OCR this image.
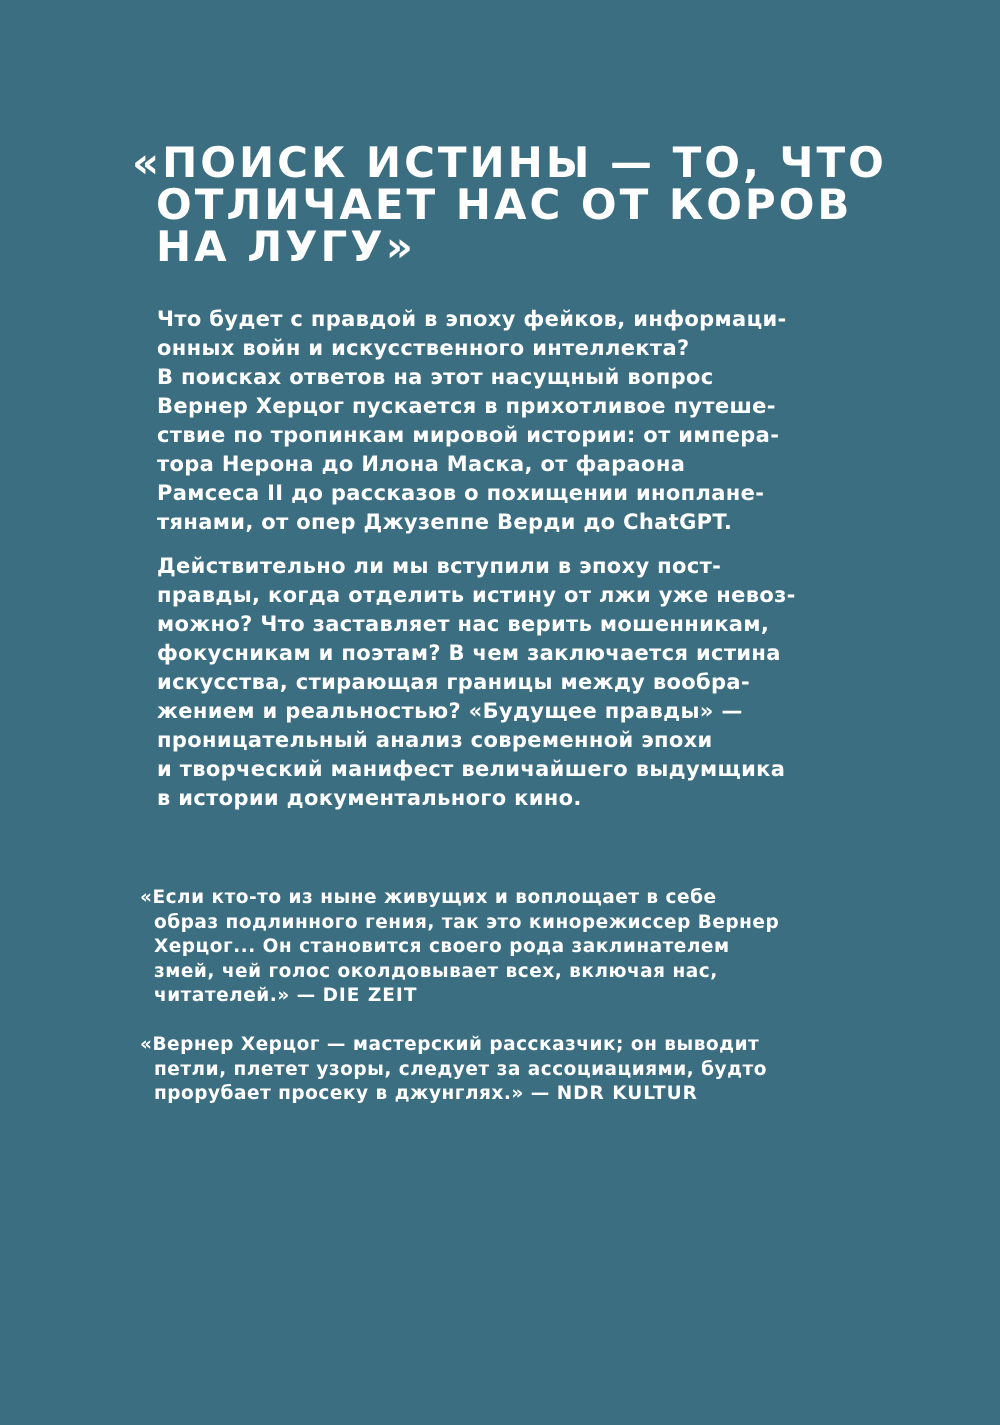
«ПОИСК ИСТИНЫ — ТО, ЧТО
ОТЛИЧАЕТ НАС ОТ КОРОВ
НА ЛУГУ»

Что будет с правдой в эпоху фейков, информаци-
онных войн и искусственного интеллекта?
В поисках ответов на этот насущный вопрос
Вернер Херцог пускается в прихотливое путеше-
ствие по тропинкам мировой истории: от импера-
тора Нерона до Илона Маска, от фараона
Рамсеса II до рассказов о похищении инопланe-
тянами, от опер Джузеппе Верди до ChatGPT.

Действительно ли мы вступили в эпоху пост-
правды, когда отделить истину от лжи уже невоз-
можно? Что заставляет нас верить мошенникам,
фокусникам и поэтам? В чем заключается истина
искусства, стирающая границы между вообра-
жением и реальностью? «Будущее правды» —
проницательный анализ современной эпохи
и творческий манифест величайшего выдумщика
в истории документального кино.

«Если кто-то из ныне живущих и воплощает в себе
образ подлинного гения, так это кинорежиссер Вернер
Херцог... Он становится своего рода заклинателем
змей, чей голос околдовывает всех, включая нас,
читателей.» — DIE ZEIT

«Вернер Херцог — мастерский рассказчик; он выводит
петли, плетет узоры, следует за ассоциациями, будто
прорубает просеку в джунглях.» — NDR KULTUR
